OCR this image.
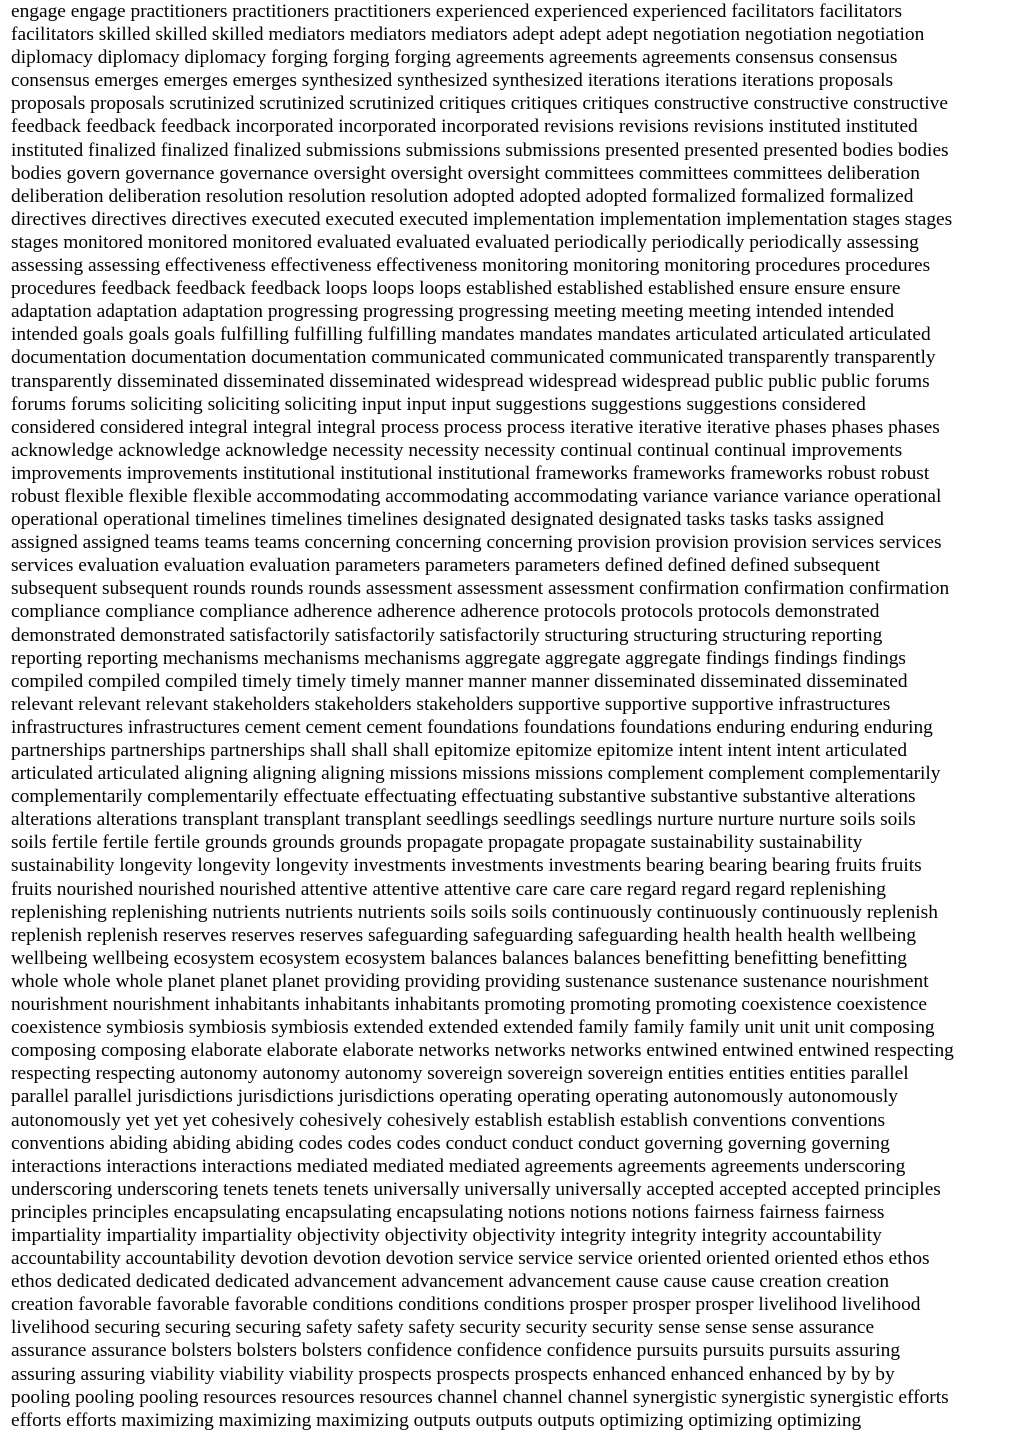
engage engage practitioners practitioners practitioners experienced experienced experienced facilitators facilitators
facilitators skilled skilled skilled mediators mediators mediators adept adept adept negotiation negotiation negotiation
diplomacy diplomacy diplomacy forging forging forging agreements agreements agreements consensus consensus
consensus emerges emerges emerges synthesized synthesized synthesized iterations iterations iterations proposals
proposals proposals scrutinized scrutinized scrutinized critiques critiques critiques constructive constructive constructive
feedback feedback feedback incorporated incorporated incorporated revisions revisions revisions instituted instituted
instituted finalized finalized finalized submissions submissions submissions presented presented presented bodies bodies
bodies govern governance governance oversight oversight oversight committees committees committees deliberation
deliberation deliberation resolution resolution resolution adopted adopted adopted formalized formalized formalized
directives directives directives executed executed executed implementation implementation implementation stages stages
stages monitored monitored monitored evaluated evaluated evaluated periodically periodically periodically assessing
assessing assessing effectiveness effectiveness effectiveness monitoring monitoring monitoring procedures procedures
procedures feedback feedback feedback loops loops loops established established established ensure ensure ensure
adaptation adaptation adaptation progressing progressing progressing meeting meeting meeting intended intended
intended goals goals goals fulfilling fulfilling fulfilling mandates mandates mandates articulated articulated articulated
documentation documentation documentation communicated communicated communicated transparently transparently
transparently disseminated disseminated disseminated widespread widespread widespread public public public forums
forums forums soliciting soliciting soliciting input input input suggestions suggestions suggestions considered
considered considered integral integral integral process process process iterative iterative iterative phases phases phases
acknowledge acknowledge acknowledge necessity necessity necessity continual continual continual improvements
improvements improvements institutional institutional institutional frameworks frameworks frameworks robust robust
robust flexible flexible flexible accommodating accommodating accommodating variance variance variance operational
operational operational timelines timelines timelines designated designated designated tasks tasks tasks assigned
assigned assigned teams teams teams concerning concerning concerning provision provision provision services services
services evaluation evaluation evaluation parameters parameters parameters defined defined defined subsequent
subsequent subsequent rounds rounds rounds assessment assessment assessment confirmation confirmation confirmation
compliance compliance compliance adherence adherence adherence protocols protocols protocols demonstrated
demonstrated demonstrated satisfactorily satisfactorily satisfactorily structuring structuring structuring reporting
reporting reporting mechanisms mechanisms mechanisms aggregate aggregate aggregate findings findings findings
compiled compiled compiled timely timely timely manner manner manner disseminated disseminated disseminated
relevant relevant relevant stakeholders stakeholders stakeholders supportive supportive supportive infrastructures
infrastructures infrastructures cement cement cement foundations foundations foundations enduring enduring enduring
partnerships partnerships partnerships shall shall shall epitomize epitomize epitomize intent intent intent articulated
articulated articulated aligning aligning aligning missions missions missions complement complement complementarily
complementarily complementarily effectuate effectuating effectuating substantive substantive substantive alterations
alterations alterations transplant transplant transplant seedlings seedlings seedlings nurture nurture nurture soils soils
soils fertile fertile fertile grounds grounds grounds propagate propagate propagate sustainability sustainability
sustainability longevity longevity longevity investments investments investments bearing bearing bearing fruits fruits
fruits nourished nourished nourished attentive attentive attentive care care care regard regard regard replenishing
replenishing replenishing nutrients nutrients nutrients soils soils soils continuously continuously continuously replenish
replenish replenish reserves reserves reserves safeguarding safeguarding safeguarding health health health wellbeing
wellbeing wellbeing ecosystem ecosystem ecosystem balances balances balances benefitting benefitting benefitting
whole whole whole planet planet planet providing providing providing sustenance sustenance sustenance nourishment
nourishment nourishment inhabitants inhabitants inhabitants promoting promoting promoting coexistence coexistence
coexistence symbiosis symbiosis symbiosis extended extended extended family family family unit unit unit composing
composing composing elaborate elaborate elaborate networks networks networks entwined entwined entwined respecting
respecting respecting autonomy autonomy autonomy sovereign sovereign sovereign entities entities entities parallel
parallel parallel jurisdictions jurisdictions jurisdictions operating operating operating autonomously autonomously
autonomously yet yet yet cohesively cohesively cohesively establish establish establish conventions conventions
conventions abiding abiding abiding codes codes codes conduct conduct conduct governing governing governing
interactions interactions interactions mediated mediated mediated agreements agreements agreements underscoring
underscoring underscoring tenets tenets tenets universally universally universally accepted accepted accepted principles
principles principles encapsulating encapsulating encapsulating notions notions notions fairness fairness fairness
impartiality impartiality impartiality objectivity objectivity objectivity integrity integrity integrity accountability
accountability accountability devotion devotion devotion service service service oriented oriented oriented ethos ethos
ethos dedicated dedicated dedicated advancement advancement advancement cause cause cause creation creation
creation favorable favorable favorable conditions conditions conditions prosper prosper prosper livelihood livelihood
livelihood securing securing securing safety safety safety security security security sense sense sense assurance
assurance assurance bolsters bolsters bolsters confidence confidence confidence pursuits pursuits pursuits assuring
assuring assuring viability viability viability prospects prospects prospects enhanced enhanced enhanced by by by
pooling pooling pooling resources resources resources channel channel channel synergistic synergistic synergistic efforts
efforts efforts maximizing maximizing maximizing outputs outputs outputs optimizing optimizing optimizing
